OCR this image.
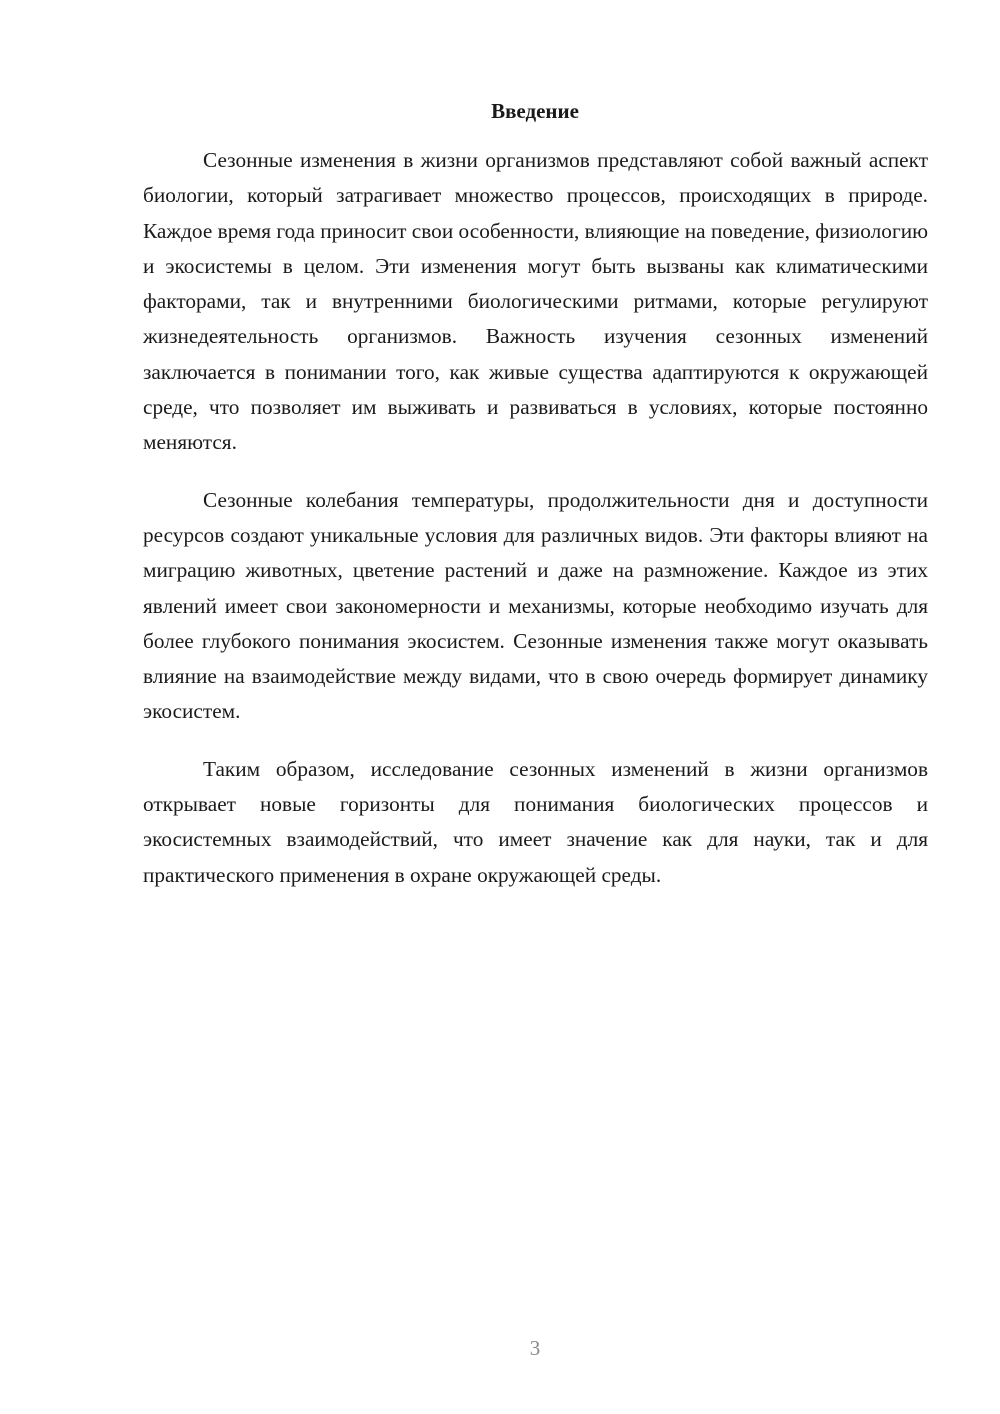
Введение

Сезонные изменения в жизни организмов представляют собой важный аспект биологии, который затрагивает множество процессов, происходящих в природе. Каждое время года приносит свои особенности, влияющие на поведение, физиологию и экосистемы в целом. Эти изменения могут быть вызваны как климатическими факторами, так и внутренними биологическими ритмами, которые регулируют жизнедеятельность организмов. Важность изучения сезонных изменений заключается в понимании того, как живые существа адаптируются к окружающей среде, что позволяет им выживать и развиваться в условиях, которые постоянно меняются.

Сезонные колебания температуры, продолжительности дня и доступности ресурсов создают уникальные условия для различных видов. Эти факторы влияют на миграцию животных, цветение растений и даже на размножение. Каждое из этих явлений имеет свои закономерности и механизмы, которые необходимо изучать для более глубокого понимания экосистем. Сезонные изменения также могут оказывать влияние на взаимодействие между видами, что в свою очередь формирует динамику экосистем.

Таким образом, исследование сезонных изменений в жизни организмов открывает новые горизонты для понимания биологических процессов и экосистемных взаимодействий, что имеет значение как для науки, так и для практического применения в охране окружающей среды.

3
